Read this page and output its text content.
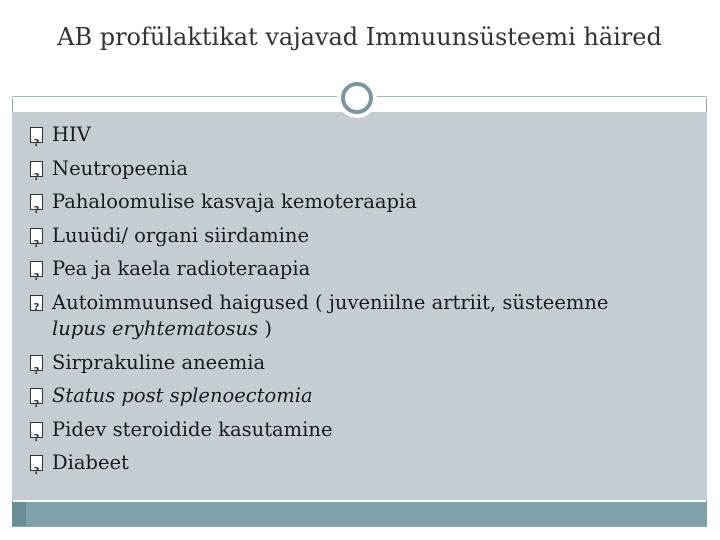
AB profülaktikat vajavad Immuunsüsteemi häired
?
HIV
?
Neutropeenia
?
Pahaloomulise kasvaja kemoteraapia
?
Luuüdi/ organi siirdamine
?
Pea ja kaela radioteraapia
?
Autoimmuunsed haigused ( juveniilne artriit, süsteemne
lupus eryhtematosus )
?
Sirprakuline aneemia
?
Status post splenoectomia
?
Pidev steroidide kasutamine
?
Diabeet
